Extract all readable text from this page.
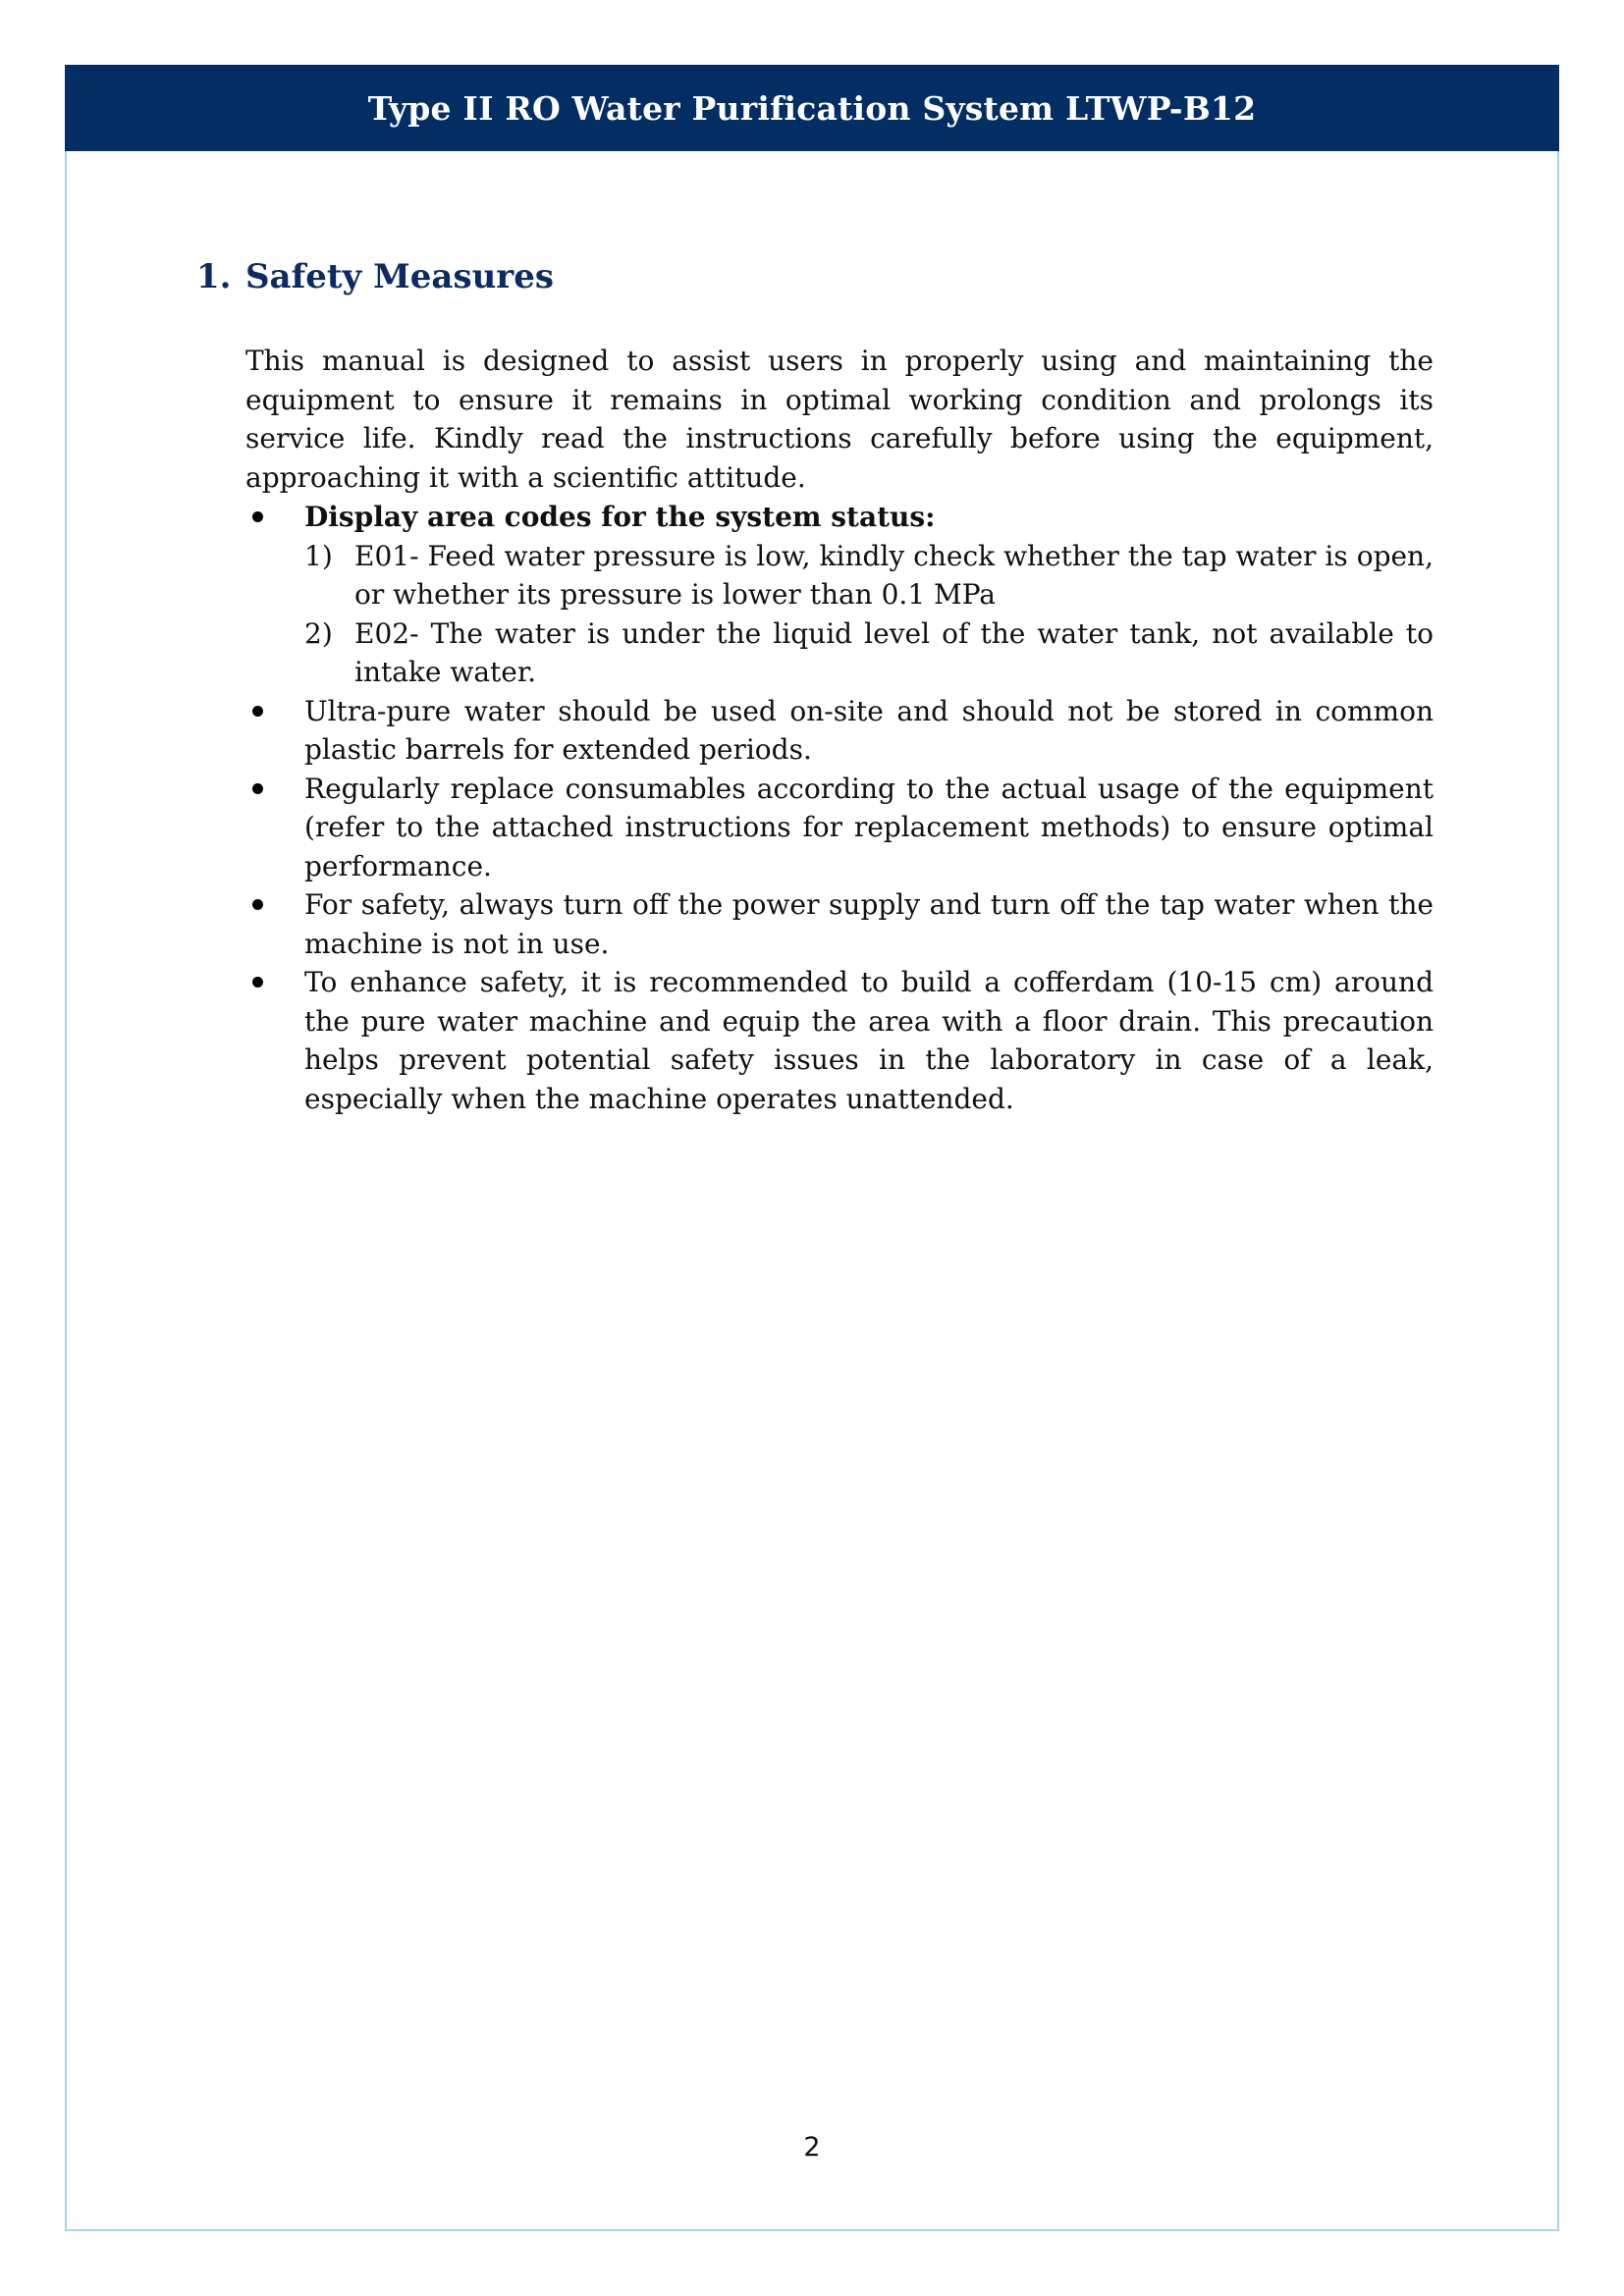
Type II RO Water Purification System LTWP-B12
1. Safety Measures

This manual is designed to assist users in properly using and maintaining the equipment to ensure it remains in optimal working condition and prolongs its service life. Kindly read the instructions carefully before using the equipment, approaching it with a scientific attitude.

Display area codes for the system status:
1) E01- Feed water pressure is low, kindly check whether the tap water is open, or whether its pressure is lower than 0.1 MPa
2) E02- The water is under the liquid level of the water tank, not available to intake water.
Ultra-pure water should be used on-site and should not be stored in common plastic barrels for extended periods.
Regularly replace consumables according to the actual usage of the equipment (refer to the attached instructions for replacement methods) to ensure optimal performance.
For safety, always turn off the power supply and turn off the tap water when the machine is not in use.
To enhance safety, it is recommended to build a cofferdam (10-15 cm) around the pure water machine and equip the area with a floor drain. This precaution helps prevent potential safety issues in the laboratory in case of a leak, especially when the machine operates unattended.
2
